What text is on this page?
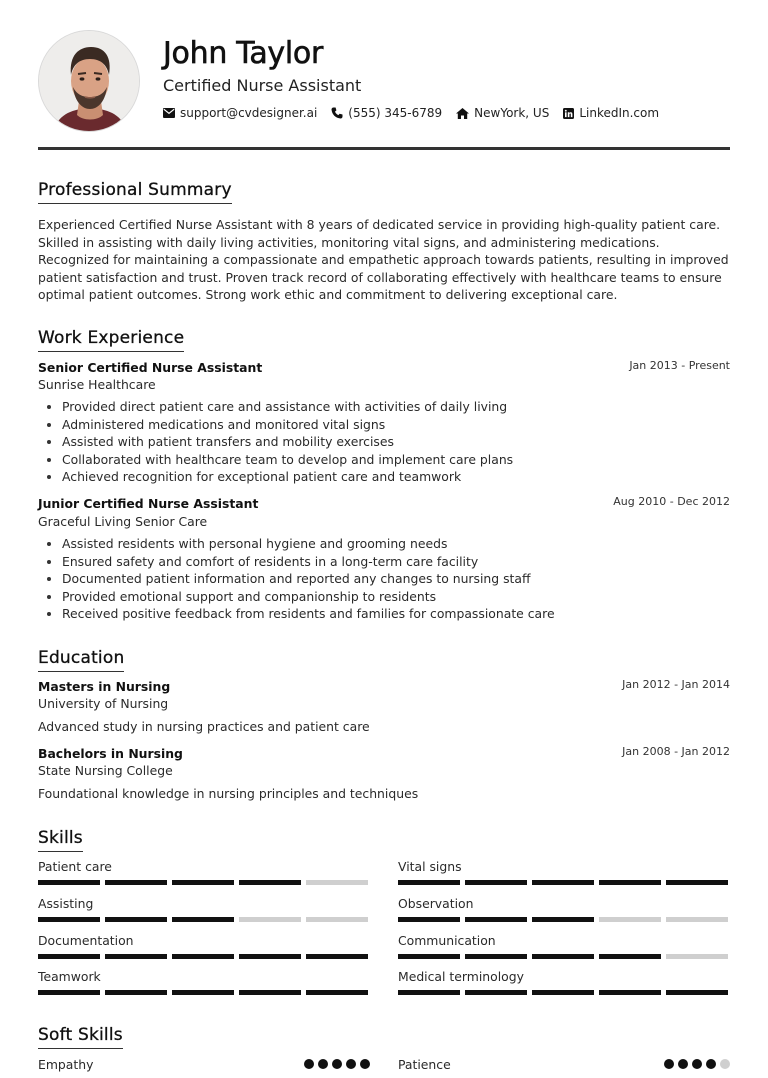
John Taylor
Certified Nurse Assistant
support@cvdesigner.ai	(555) 345-6789	NewYork, US	LinkedIn.com
Professional Summary
Experienced Certified Nurse Assistant with 8 years of dedicated service in providing high-quality patient care. Skilled in assisting with daily living activities, monitoring vital signs, and administering medications. Recognized for maintaining a compassionate and empathetic approach towards patients, resulting in improved patient satisfaction and trust. Proven track record of collaborating effectively with healthcare teams to ensure optimal patient outcomes. Strong work ethic and commitment to delivering exceptional care.
Work Experience
Senior Certified Nurse Assistant	Jan 2013 - Present
Sunrise Healthcare
Provided direct patient care and assistance with activities of daily living
Administered medications and monitored vital signs
Assisted with patient transfers and mobility exercises
Collaborated with healthcare team to develop and implement care plans
Achieved recognition for exceptional patient care and teamwork
Junior Certified Nurse Assistant	Aug 2010 - Dec 2012
Graceful Living Senior Care
Assisted residents with personal hygiene and grooming needs
Ensured safety and comfort of residents in a long-term care facility
Documented patient information and reported any changes to nursing staff
Provided emotional support and companionship to residents
Received positive feedback from residents and families for compassionate care
Education
Masters in Nursing	Jan 2012 - Jan 2014
University of Nursing
Advanced study in nursing practices and patient care
Bachelors in Nursing	Jan 2008 - Jan 2012
State Nursing College
Foundational knowledge in nursing principles and techniques
Skills
Patient care	Vital signs
Assisting	Observation
Documentation	Communication
Teamwork	Medical terminology
Soft Skills
Empathy	Patience
